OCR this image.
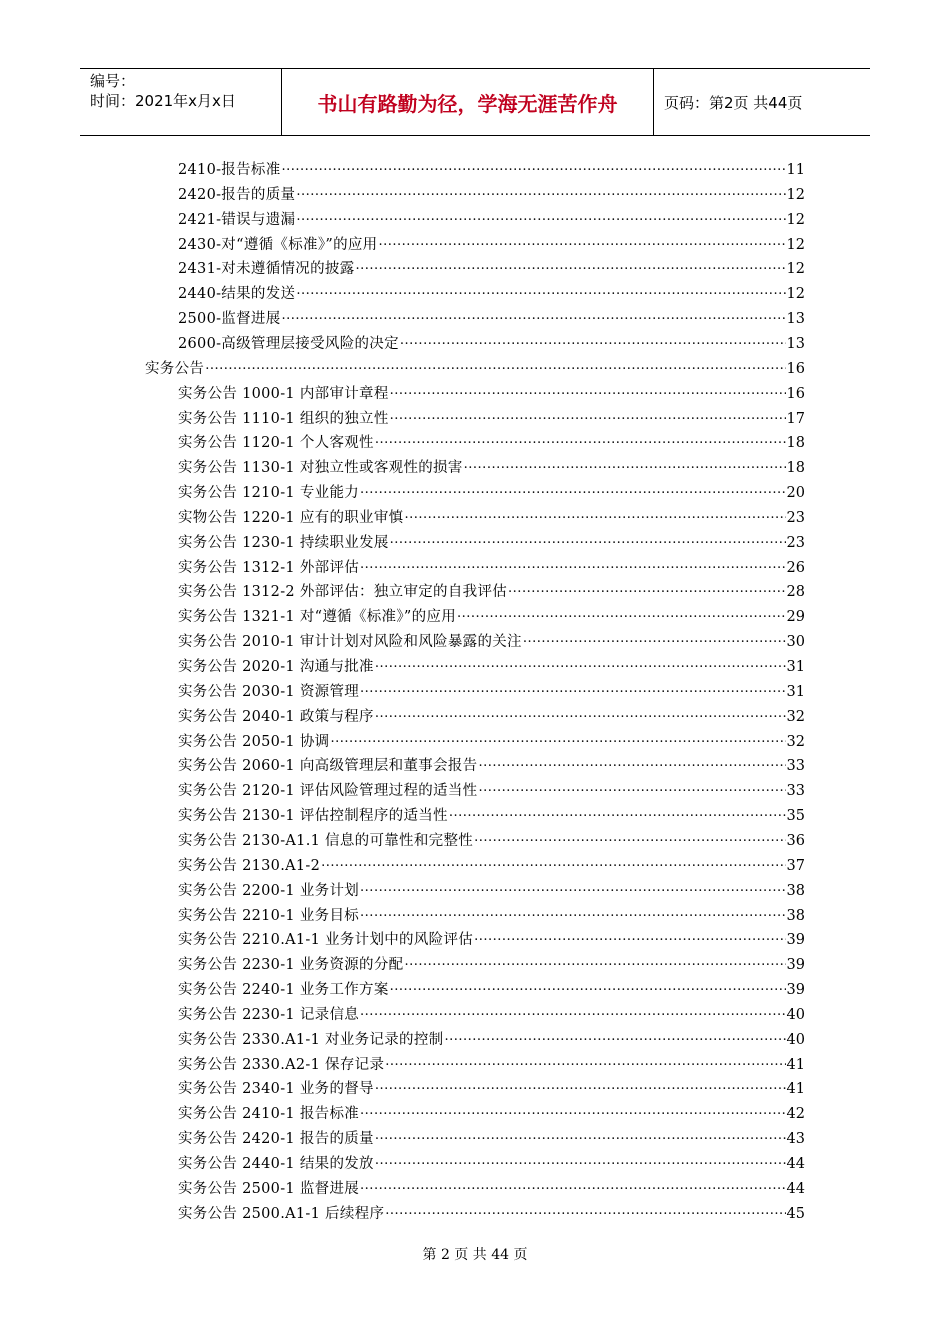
编号：
时间：2021年x月x日	书山有路勤为径，学海无涯苦作舟	页码：第2页 共44页
2410-报告标准 .....	11
2420-报告的质量 .....	12
2421-错误与遗漏 .....	12
2430-对“遵循《标准》”的应用 .....	12
2431-对未遵循情况的披露 .....	12
2440-结果的发送 .....	12
2500-监督进展 .....	13
2600-高级管理层接受风险的决定 .....	13
实务公告 .....	16
实务公告 1000-1 内部审计章程 .....	16
实务公告 1110-1 组织的独立性 .....	17
实务公告 1120-1 个人客观性 .....	18
实务公告 1130-1 对独立性或客观性的损害 .....	18
实务公告 1210-1 专业能力 .....	20
实物公告 1220-1 应有的职业审慎 .....	23
实务公告 1230-1 持续职业发展 .....	23
实务公告 1312-1 外部评估 .....	26
实务公告 1312-2 外部评估：独立审定的自我评估 .....	28
实务公告 1321-1 对“遵循《标准》”的应用 .....	29
实务公告 2010-1 审计计划对风险和风险暴露的关注 .....	30
实务公告 2020-1 沟通与批准 .....	31
实务公告 2030-1 资源管理 .....	31
实务公告 2040-1 政策与程序 .....	32
实务公告 2050-1 协调 .....	32
实务公告 2060-1 向高级管理层和董事会报告 .....	33
实务公告 2120-1 评估风险管理过程的适当性 .....	33
实务公告 2130-1 评估控制程序的适当性 .....	35
实务公告 2130-A1.1 信息的可靠性和完整性 .....	36
实务公告 2130.A1-2 .....	37
实务公告 2200-1 业务计划 .....	38
实务公告 2210-1 业务目标 .....	38
实务公告 2210.A1-1 业务计划中的风险评估 .....	39
实务公告 2230-1 业务资源的分配 .....	39
实务公告 2240-1 业务工作方案 .....	39
实务公告 2230-1 记录信息 .....	40
实务公告 2330.A1-1 对业务记录的控制 .....	40
实务公告 2330.A2-1 保存记录 .....	41
实务公告 2340-1 业务的督导 .....	41
实务公告 2410-1 报告标准 .....	42
实务公告 2420-1 报告的质量 .....	43
实务公告 2440-1 结果的发放 .....	44
实务公告 2500-1 监督进展 .....	44
实务公告 2500.A1-1 后续程序 .....	45
第 2 页 共 44 页
